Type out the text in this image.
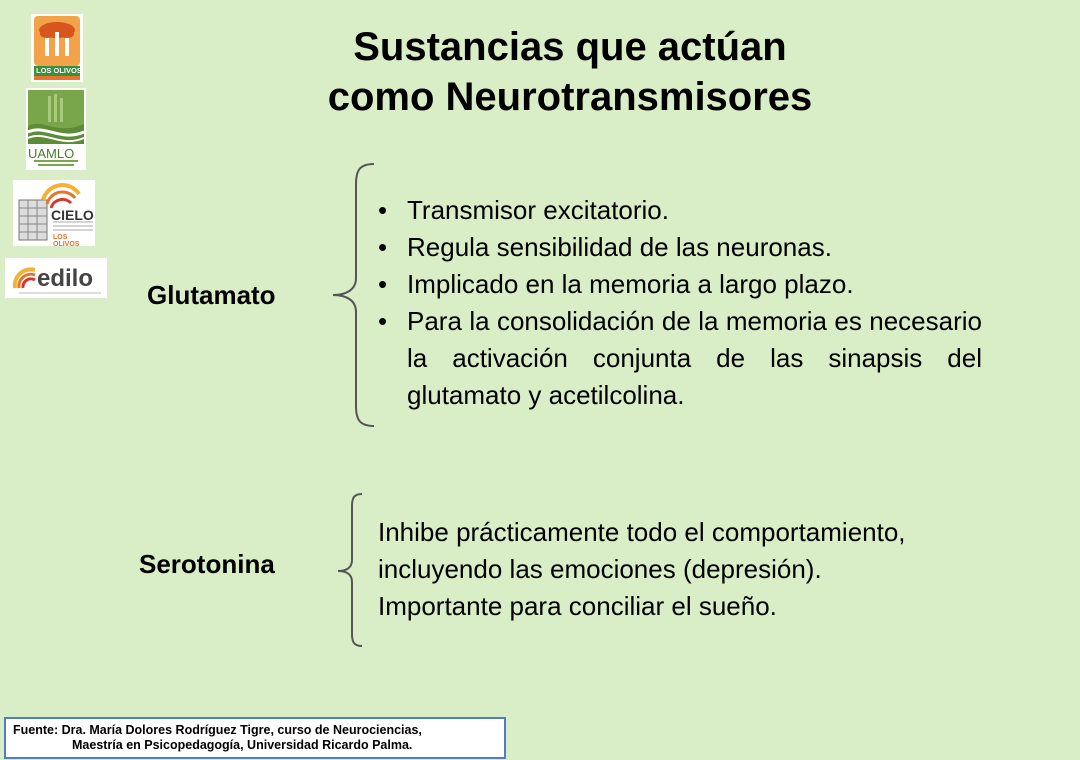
Sustancias que actúan
como Neurotransmisores
LOS OLIVOS
UAMLO
CIELO
LOS OLIVOS
edilo
Glutamato
• Transmisor excitatorio.
• Regula sensibilidad de las neuronas.
• Implicado en la memoria a largo plazo.
• Para la consolidación de la memoria es necesario la activación conjunta de las sinapsis del glutamato y acetilcolina.
Serotonina
Inhibe prácticamente todo el comportamiento,
incluyendo las emociones (depresión).
Importante para conciliar el sueño.
Fuente: Dra. María Dolores Rodríguez Tigre, curso de Neurociencias,
Maestría en Psicopedagogía, Universidad Ricardo Palma.
